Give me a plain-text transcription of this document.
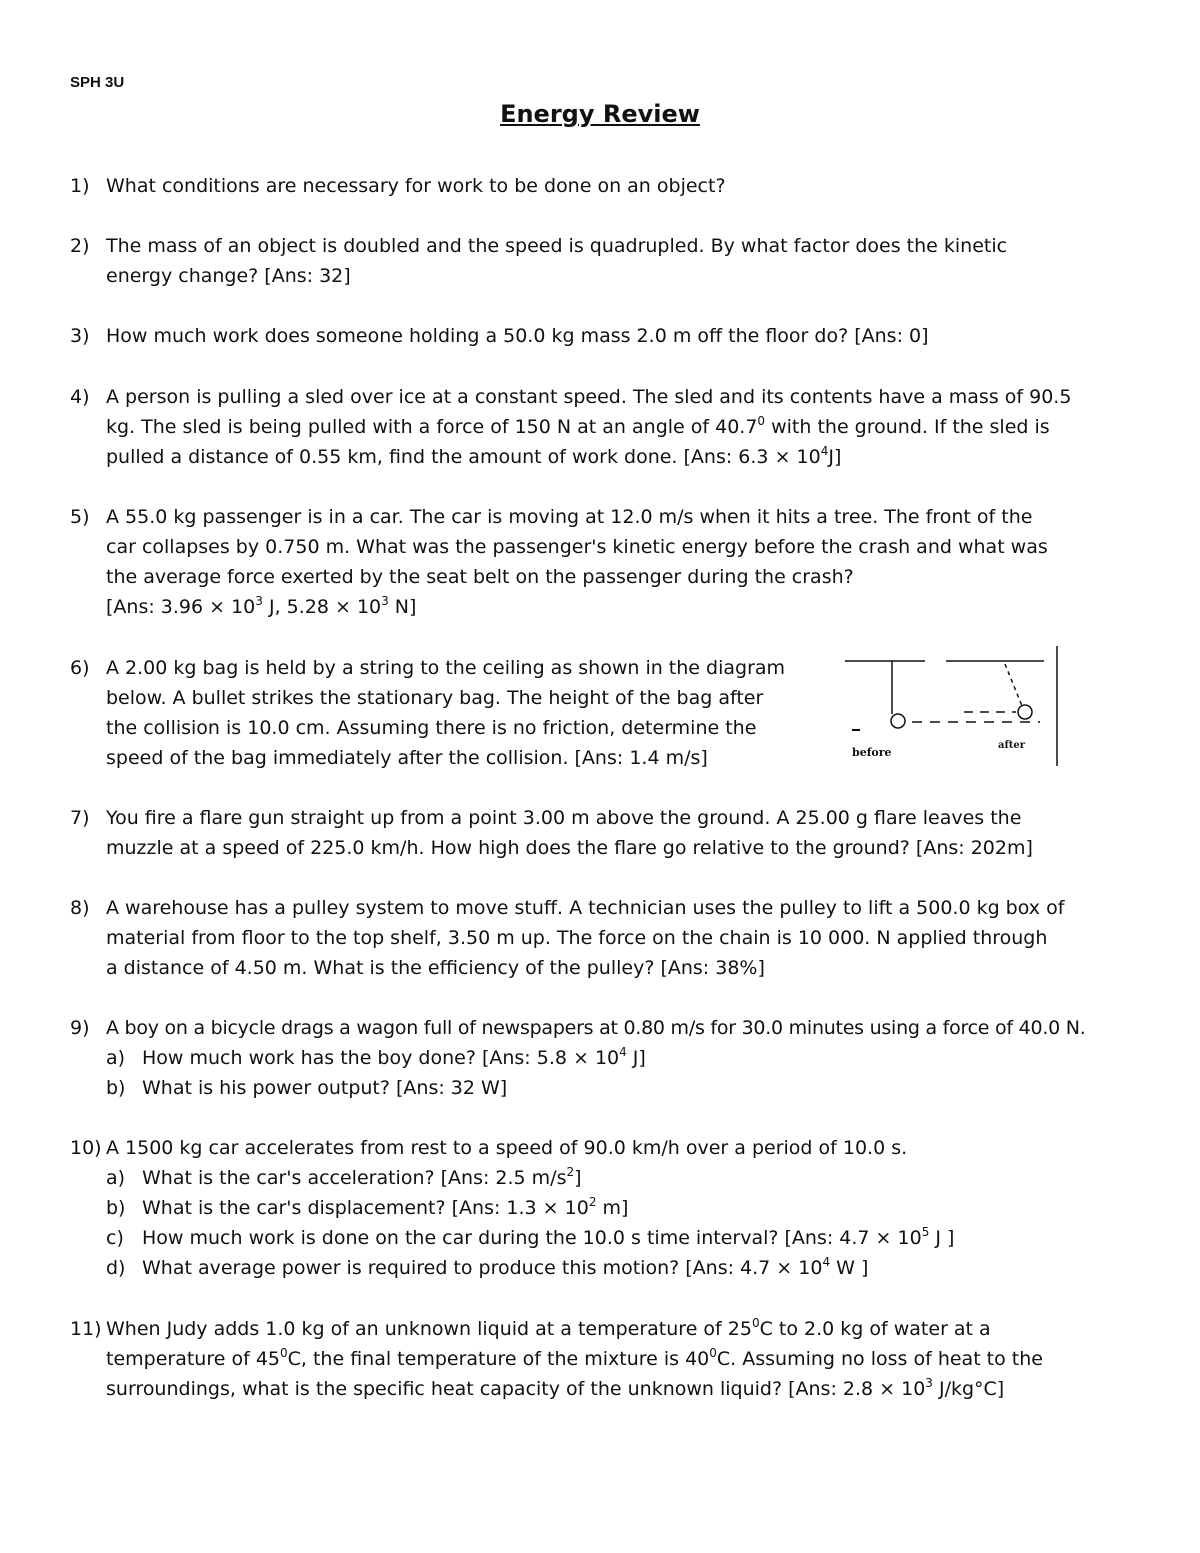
SPH 3U
Energy Review
1) What conditions are necessary for work to be done on an object?
2) The mass of an object is doubled and the speed is quadrupled. By what factor does the kinetic
energy change? [Ans: 32]
3) How much work does someone holding a 50.0 kg mass 2.0 m off the floor do? [Ans: 0]
4) A person is pulling a sled over ice at a constant speed. The sled and its contents have a mass of 90.5
kg. The sled is being pulled with a force of 150 N at an angle of 40.7$^0$ with the ground. If the sled is
pulled a distance of 0.55 km, find the amount of work done. [Ans: $6.3 \times 10^4J$]
5) A 55.0 kg passenger is in a car. The car is moving at 12.0 m/s when it hits a tree. The front of the
car collapses by 0.750 m. What was the passenger's kinetic energy before the crash and what was
the average force exerted by the seat belt on the passenger during the crash?
[Ans: $3.96 \times 10^3$ J, $5.28 \times 10^3$ N]
6) A 2.00 kg bag is held by a string to the ceiling as shown in the diagram
below. A bullet strikes the stationary bag. The height of the bag after
the collision is 10.0 cm. Assuming there is no friction, determine the
speed of the bag immediately after the collision. [Ans: 1.4 m/s]	before
after
7) You fire a flare gun straight up from a point 3.00 m above the ground. A 25.00 g flare leaves the
muzzle at a speed of 225.0 km/h. How high does the flare go relative to the ground? [Ans: 202m]
8) A warehouse has a pulley system to move stuff. A technician uses the pulley to lift a 500.0 kg box of
material from floor to the top shelf, 3.50 m up. The force on the chain is 10 000. N applied through
a distance of 4.50 m. What is the efficiency of the pulley? [Ans: 38%]
9) A boy on a bicycle drags a wagon full of newspapers at 0.80 m/s for 30.0 minutes using a force of 40.0 N.
a) How much work has the boy done? [Ans: $5.8 \times 10^4$ J]
b) What is his power output? [Ans: 32 W]
10) A 1500 kg car accelerates from rest to a speed of 90.0 km/h over a period of 10.0 s.
a) What is the car's acceleration? [Ans: 2.5 $m/s^2$]
b) What is the car's displacement? [Ans: $1.3 \times 10^2$ m]
c) How much work is done on the car during the 10.0 s time interval? [Ans: $4.7 \times 10^5$ J ]
d) What average power is required to produce this motion? [Ans: $4.7 \times 10^4$ W ]
11) When Judy adds 1.0 kg of an unknown liquid at a temperature of $25^0C$ to 2.0 kg of water at a
temperature of $45^0C$, the final temperature of the mixture is $40^0C$. Assuming no loss of heat to the
surroundings, what is the specific heat capacity of the unknown liquid? [Ans: $2.8 \times 10^3$ J/kg°C]
